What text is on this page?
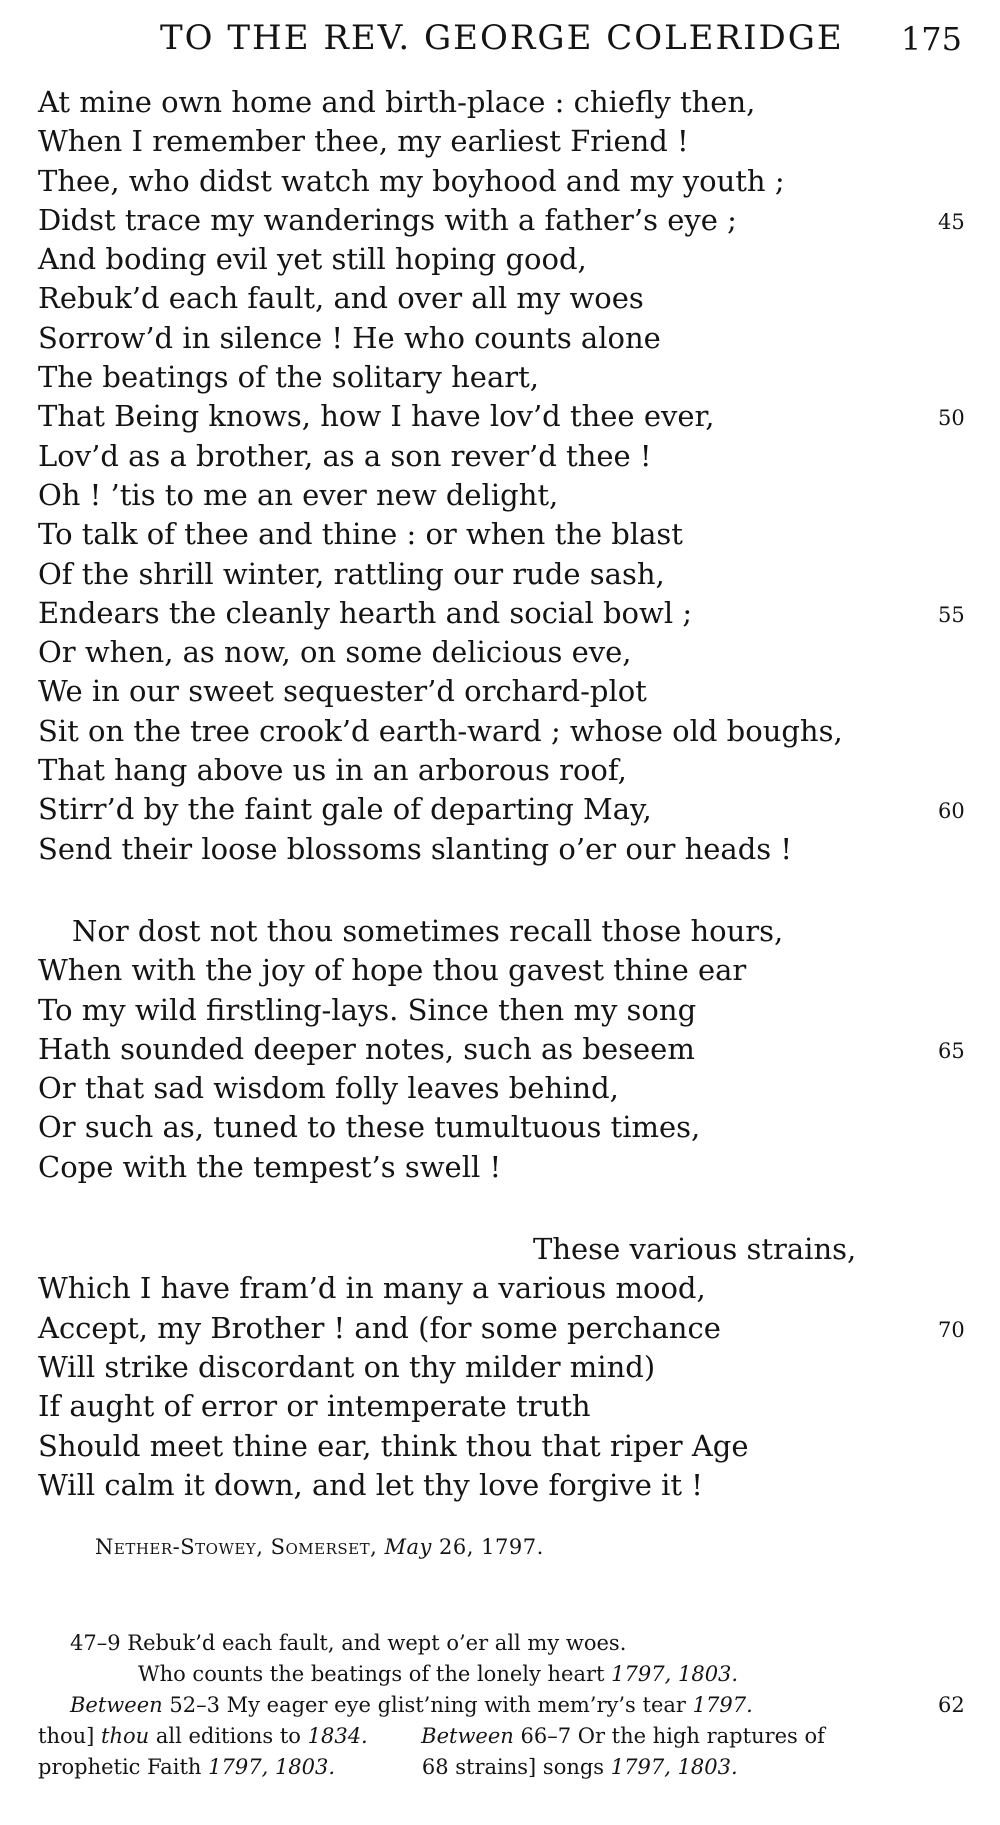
TO THE REV. GEORGE COLERIDGE 175
At mine own home and birth-place : chiefly then,
When I remember thee, my earliest Friend !
Thee, who didst watch my boyhood and my youth ;
Didst trace my wanderings with a father’s eye ;	45
And boding evil yet still hoping good,
Rebuk’d each fault, and over all my woes
Sorrow’d in silence ! He who counts alone
The beatings of the solitary heart,
That Being knows, how I have lov’d thee ever,	50
Lov’d as a brother, as a son rever’d thee !
Oh ! ’tis to me an ever new delight,
To talk of thee and thine : or when the blast
Of the shrill winter, rattling our rude sash,
Endears the cleanly hearth and social bowl ;	55
Or when, as now, on some delicious eve,
We in our sweet sequester’d orchard-plot
Sit on the tree crook’d earth-ward ; whose old boughs,
That hang above us in an arborous roof,
Stirr’d by the faint gale of departing May,	60
Send their loose blossoms slanting o’er our heads !
Nor dost not thou sometimes recall those hours,
When with the joy of hope thou gavest thine ear
To my wild firstling-lays. Since then my song
Hath sounded deeper notes, such as beseem	65
Or that sad wisdom folly leaves behind,
Or such as, tuned to these tumultuous times,
Cope with the tempest’s swell !
These various strains,
Which I have fram’d in many a various mood,
Accept, my Brother ! and (for some perchance	70
Will strike discordant on thy milder mind)
If aught of error or intemperate truth
Should meet thine ear, think thou that riper Age
Will calm it down, and let thy love forgive it !
Nether-Stowey, Somerset, May 26, 1797.
47–9 Rebuk’d each fault, and wept o’er all my woes.
Who counts the beatings of the lonely heart 1797, 1803.
Between 52–3 My eager eye glist’ning with mem’ry’s tear 1797.	62
thou] thou all editions to 1834.	Between 66–7 Or the high raptures of
prophetic Faith 1797, 1803.	68 strains] songs 1797, 1803.
